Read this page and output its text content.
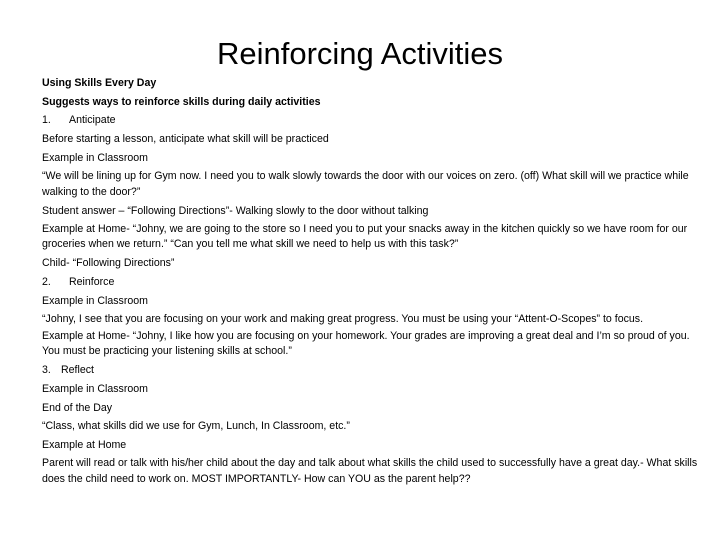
Reinforcing Activities

Using Skills Every Day

Suggests ways to reinforce skills during daily activities

1. Anticipate

Before starting a lesson, anticipate what skill will be practiced

Example in Classroom

“We will be lining up for Gym now. I need you to walk slowly towards the door with our voices on zero. (off) What skill will we practice while walking to the door?”

Student answer – “Following Directions”- Walking slowly to the door without talking

Example at Home- “Johny, we are going to the store so I need you to put your snacks away in the kitchen quickly so we have room for our groceries when we return.” “Can you tell me what skill we need to help us with this task?”

Child- “Following Directions”

2. Reinforce

Example in Classroom

“Johny, I see that you are focusing on your work and making great progress. You must be using your “Attent-O-Scopes” to focus.

Example at Home- “Johny, I like how you are focusing on your homework. Your grades are improving a great deal and I’m so proud of you. You must be practicing your listening skills at school.”

3. Reflect

Example in Classroom

End of the Day

“Class, what skills did we use for Gym, Lunch, In Classroom, etc.”

Example at Home

Parent will read or talk with his/her child about the day and talk about what skills the child used to successfully have a great day.- What skills does the child need to work on. MOST IMPORTANTLY- How can YOU as the parent help??
